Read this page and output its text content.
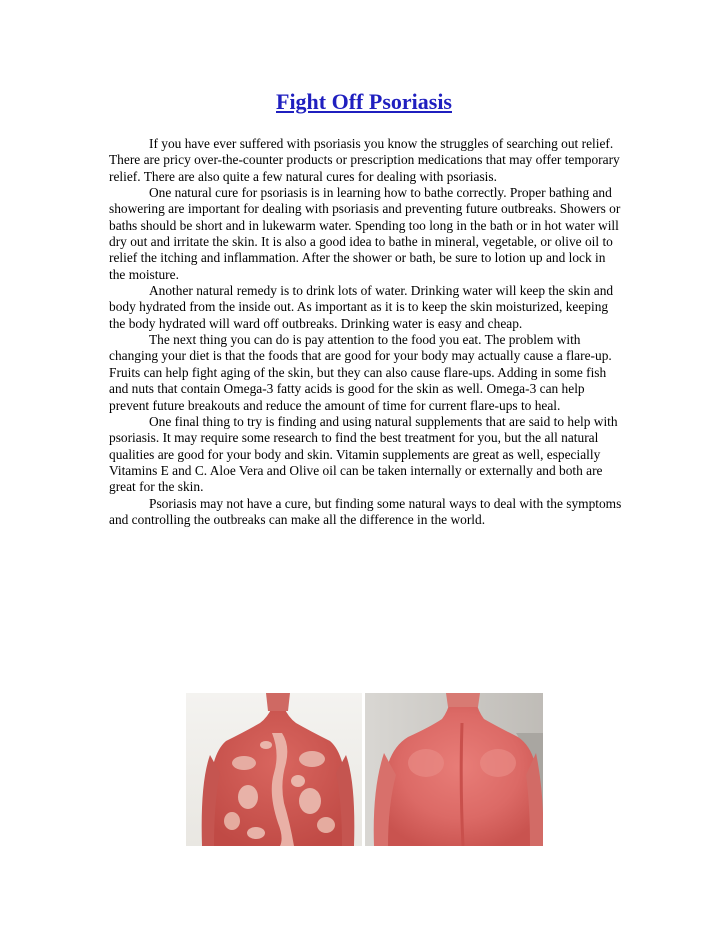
Fight Off Psoriasis

If you have ever suffered with psoriasis you know the struggles of searching out relief. There are pricy over-the-counter products or prescription medications that may offer temporary relief. There are also quite a few natural cures for dealing with psoriasis.

One natural cure for psoriasis is in learning how to bathe correctly. Proper bathing and showering are important for dealing with psoriasis and preventing future outbreaks. Showers or baths should be short and in lukewarm water. Spending too long in the bath or in hot water will dry out and irritate the skin. It is also a good idea to bathe in mineral, vegetable, or olive oil to relief the itching and inflammation. After the shower or bath, be sure to lotion up and lock in the moisture.

Another natural remedy is to drink lots of water. Drinking water will keep the skin and body hydrated from the inside out. As important as it is to keep the skin moisturized, keeping the body hydrated will ward off outbreaks. Drinking water is easy and cheap.

The next thing you can do is pay attention to the food you eat. The problem with changing your diet is that the foods that are good for your body may actually cause a flare-up. Fruits can help fight aging of the skin, but they can also cause flare-ups. Adding in some fish and nuts that contain Omega-3 fatty acids is good for the skin as well. Omega-3 can help prevent future breakouts and reduce the amount of time for current flare-ups to heal.

One final thing to try is finding and using natural supplements that are said to help with psoriasis. It may require some research to find the best treatment for you, but the all natural qualities are good for your body and skin. Vitamin supplements are great as well, especially Vitamins E and C. Aloe Vera and Olive oil can be taken internally or externally and both are great for the skin.

Psoriasis may not have a cure, but finding some natural ways to deal with the symptoms and controlling the outbreaks can make all the difference in the world.
